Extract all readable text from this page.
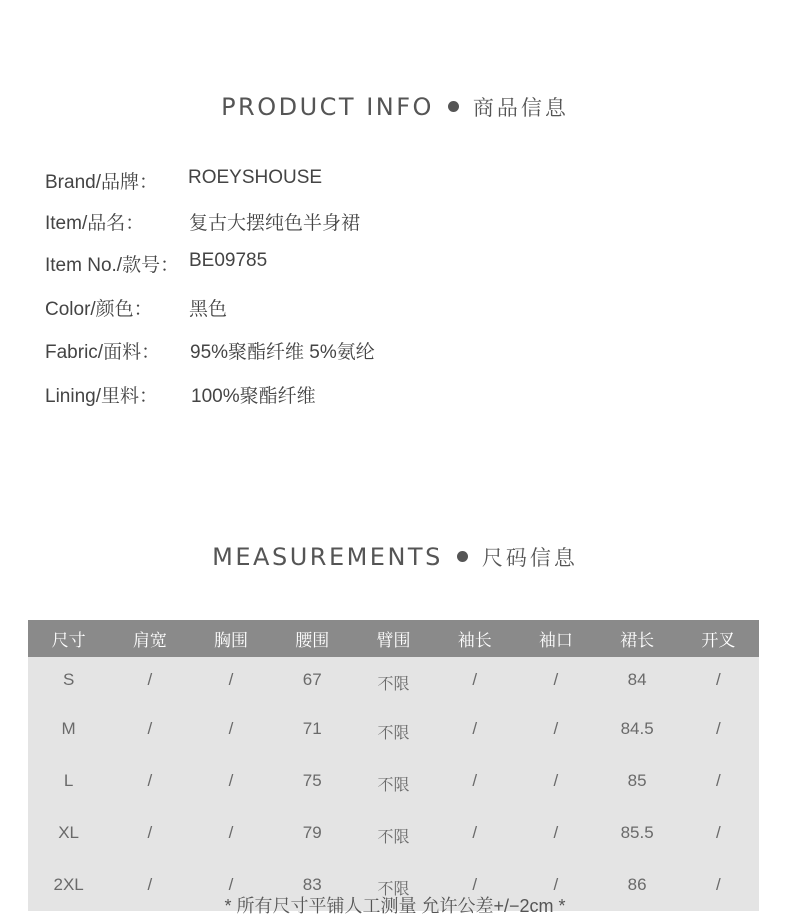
PRODUCT INFO 商品信息
Brand/品牌： ROEYSHOUSE
Item/品名： 复古大摆纯色半身裙
Item No./款号： BE09785
Color/颜色： 黑色
Fabric/面料： 95%聚酯纤维 5%氨纶
Lining/里料： 100%聚酯纤维
MEASUREMENTS 尺码信息
尺寸	肩宽	胸围	腰围	臂围	袖长	袖口	裙长	开叉
S	/	/	67	不限	/	/	84	/
M	/	/	71	不限	/	/	84.5	/
L	/	/	75	不限	/	/	85	/
XL	/	/	79	不限	/	/	85.5	/
2XL	/	/	83	不限	/	/	86	/
* 所有尺寸平铺人工测量 允许公差+/−2cm *
